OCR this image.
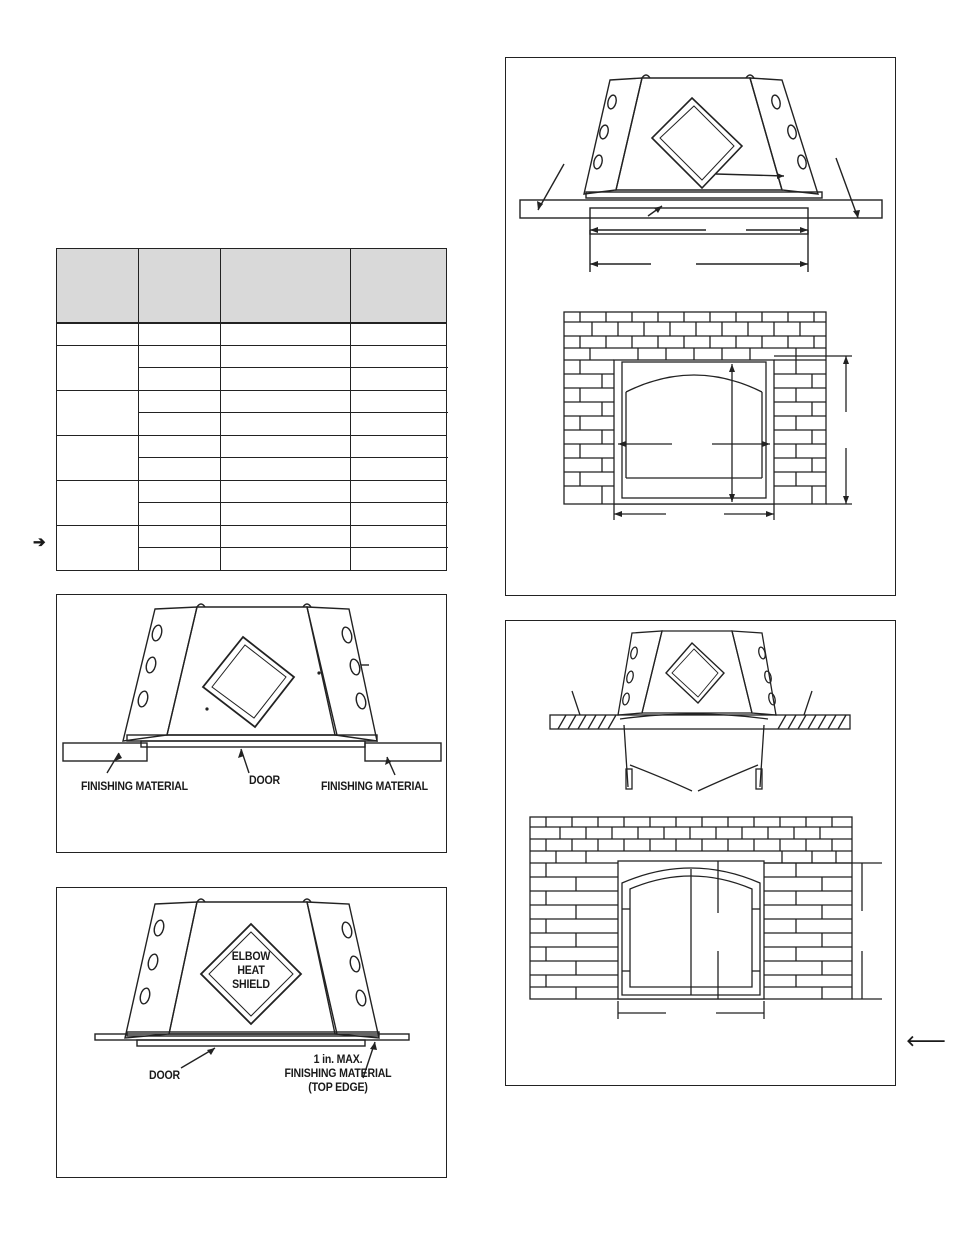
➔
FINISHING MATERIAL	DOOR	FINISHING MATERIAL
ELBOW
HEAT
SHIELD
DOOR
1 in. MAX.
FINISHING MATERIAL
(TOP EDGE)
🡐
